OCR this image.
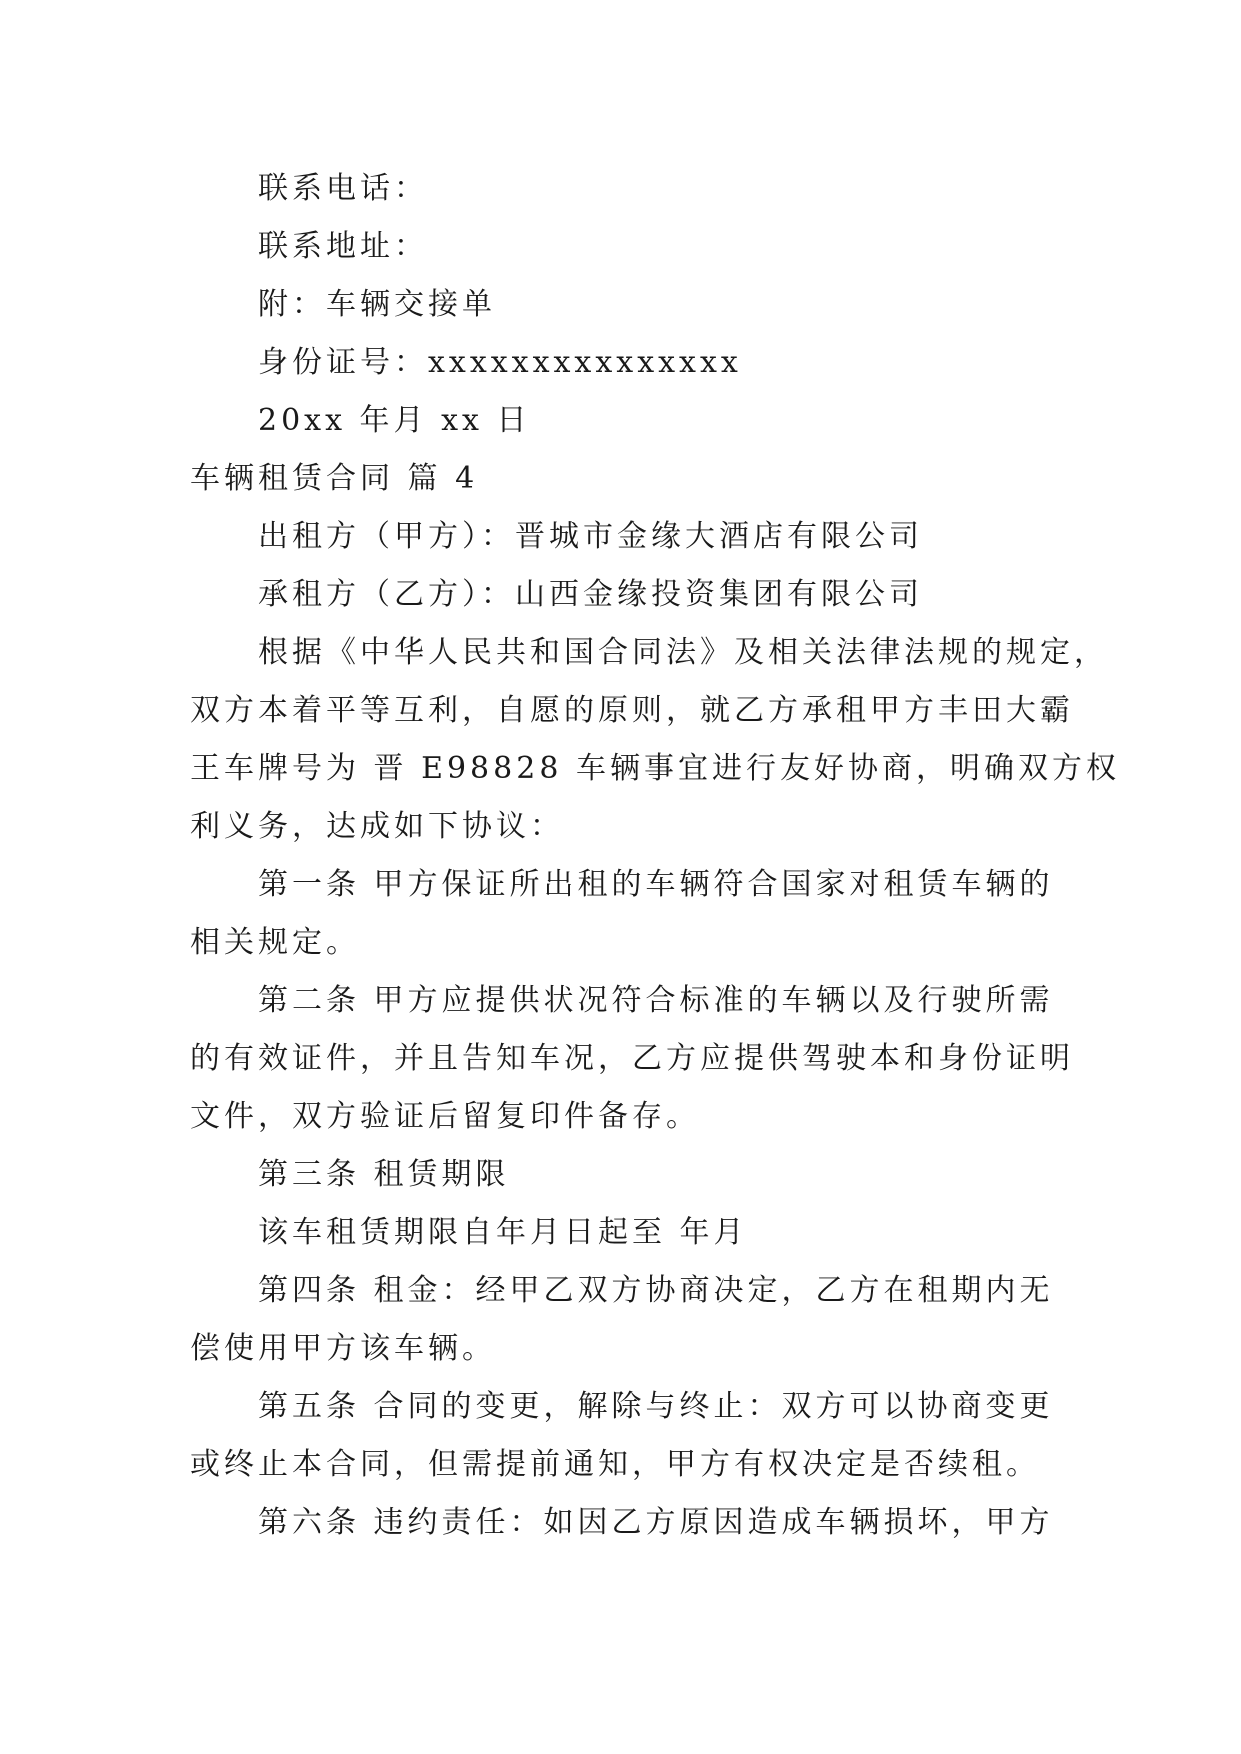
联系电话：

联系地址：

附：车辆交接单

身份证号：xxxxxxxxxxxxxxx

20xx 年月 xx 日

车辆租赁合同 篇 4

出租方（甲方）：晋城市金缘大酒店有限公司

承租方（乙方）：山西金缘投资集团有限公司

根据《中华人民共和国合同法》及相关法律法规的规定，

双方本着平等互利，自愿的原则，就乙方承租甲方丰田大霸

王车牌号为 晋 E98828 车辆事宜进行友好协商，明确双方权

利义务，达成如下协议：

第一条 甲方保证所出租的车辆符合国家对租赁车辆的

相关规定。

第二条 甲方应提供状况符合标准的车辆以及行驶所需

的有效证件，并且告知车况，乙方应提供驾驶本和身份证明

文件，双方验证后留复印件备存。

第三条 租赁期限

该车租赁期限自年月日起至 年月

第四条 租金：经甲乙双方协商决定，乙方在租期内无

偿使用甲方该车辆。

第五条 合同的变更，解除与终止：双方可以协商变更

或终止本合同，但需提前通知，甲方有权决定是否续租。

第六条 违约责任：如因乙方原因造成车辆损坏，甲方
